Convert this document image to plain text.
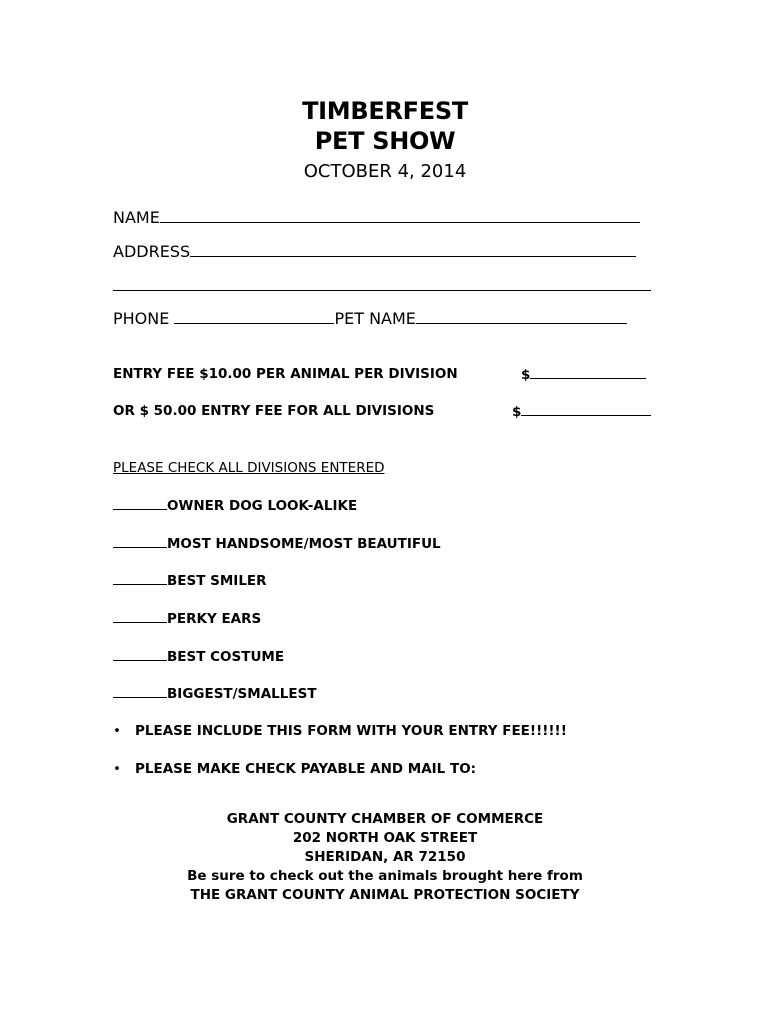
TIMBERFEST
PET SHOW
OCTOBER 4, 2014
NAME
ADDRESS
PHONE	PET NAME
ENTRY FEE $10.00 PER ANIMAL PER DIVISION	$
OR $ 50.00 ENTRY FEE FOR ALL DIVISIONS	$
PLEASE CHECK ALL DIVISIONS ENTERED
OWNER DOG LOOK-ALIKE
MOST HANDSOME/MOST BEAUTIFUL
BEST SMILER
PERKY EARS
BEST COSTUME
BIGGEST/SMALLEST
• PLEASE INCLUDE THIS FORM WITH YOUR ENTRY FEE!!!!!!
• PLEASE MAKE CHECK PAYABLE AND MAIL TO:
GRANT COUNTY CHAMBER OF COMMERCE
202 NORTH OAK STREET
SHERIDAN, AR 72150
Be sure to check out the animals brought here from
THE GRANT COUNTY ANIMAL PROTECTION SOCIETY
